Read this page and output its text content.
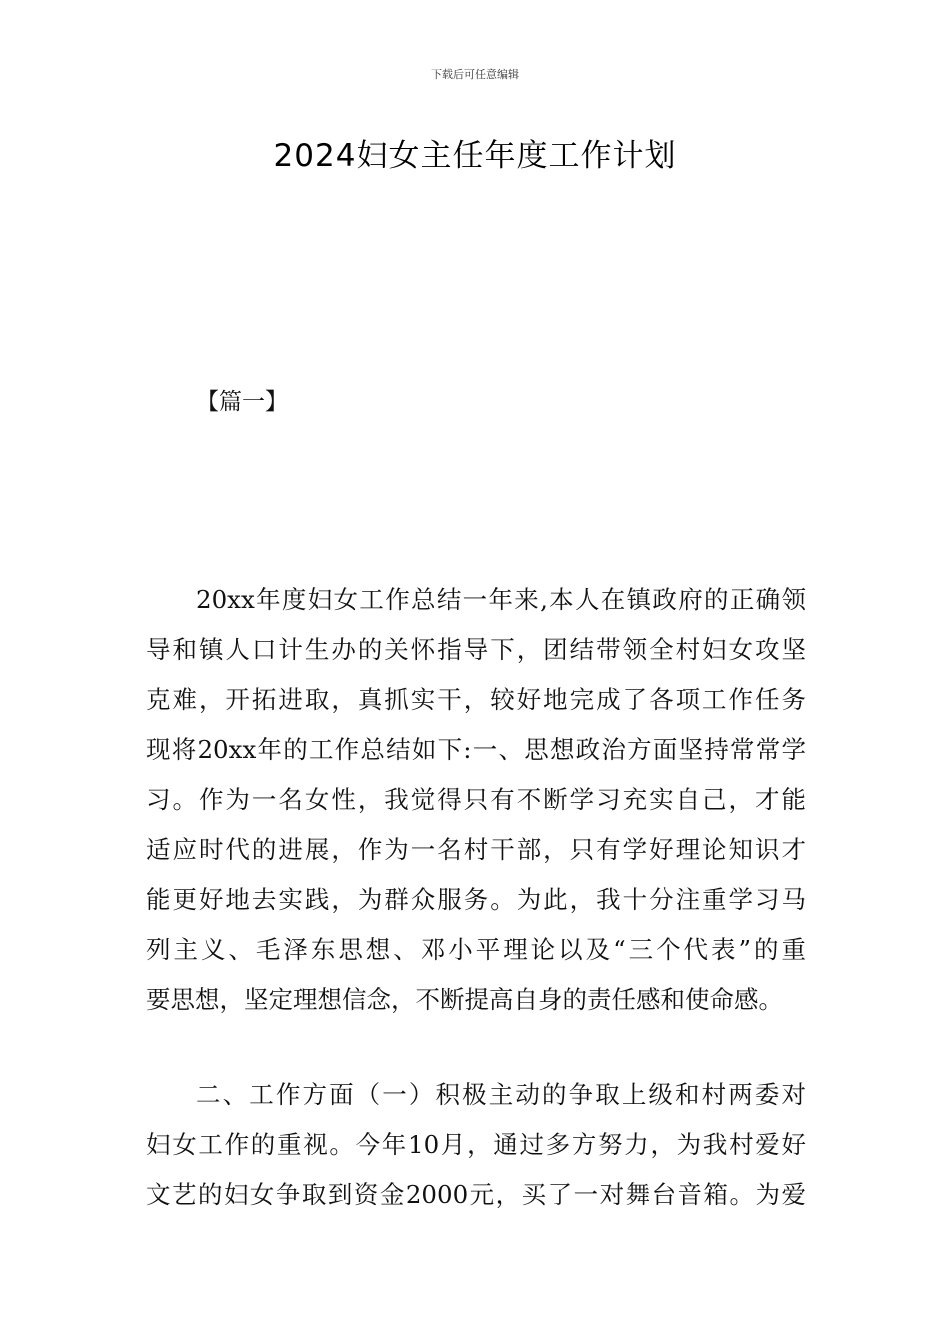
下载后可任意编辑
2024妇女主任年度工作计划
【篇一】
20xx年度妇女工作总结一年来,本人在镇政府的正确领
导和镇人口计生办的关怀指导下，团结带领全村妇女攻坚
克难，开拓进取，真抓实干，较好地完成了各项工作任务
现将20xx年的工作总结如下:一、思想政治方面坚持常常学
习。作为一名女性，我觉得只有不断学习充实自己，才能
适应时代的进展，作为一名村干部，只有学好理论知识才
能更好地去实践，为群众服务。为此，我十分注重学习马
列主义、毛泽东思想、邓小平理论以及“三个代表”的重
要思想，坚定理想信念，不断提高自身的责任感和使命感。
二、工作方面（一）积极主动的争取上级和村两委对
妇女工作的重视。今年10月，通过多方努力，为我村爱好
文艺的妇女争取到资金2000元，买了一对舞台音箱。为爱
